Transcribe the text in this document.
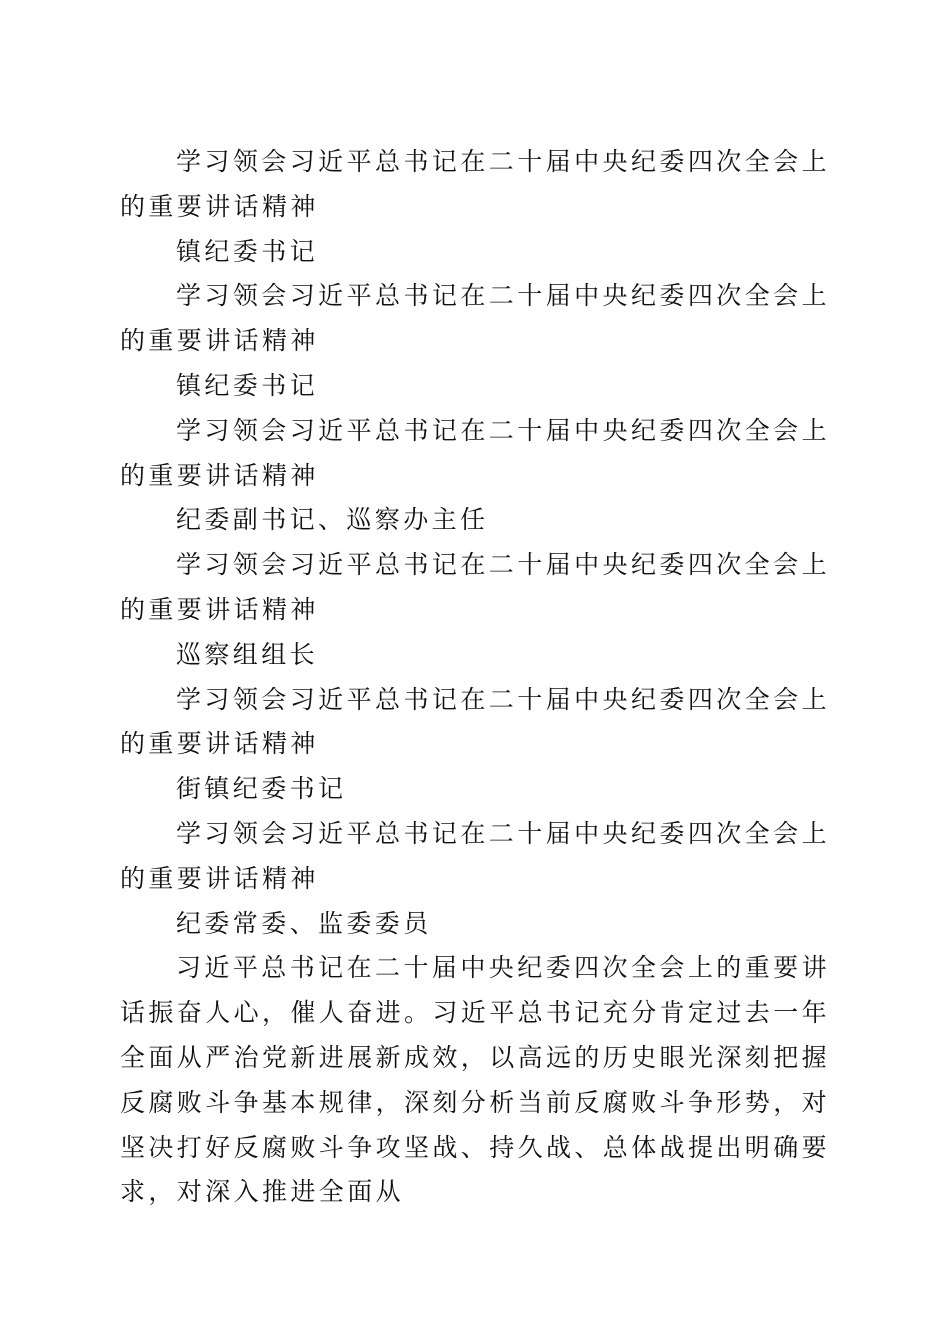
学习领会习近平总书记在二十届中央纪委四次全会上的重要讲话精神

镇纪委书记

学习领会习近平总书记在二十届中央纪委四次全会上的重要讲话精神

镇纪委书记

学习领会习近平总书记在二十届中央纪委四次全会上的重要讲话精神

纪委副书记、巡察办主任

学习领会习近平总书记在二十届中央纪委四次全会上的重要讲话精神

巡察组组长

学习领会习近平总书记在二十届中央纪委四次全会上的重要讲话精神

街镇纪委书记

学习领会习近平总书记在二十届中央纪委四次全会上的重要讲话精神

纪委常委、监委委员

习近平总书记在二十届中央纪委四次全会上的重要讲话振奋人心，催人奋进。习近平总书记充分肯定过去一年全面从严治党新进展新成效，以高远的历史眼光深刻把握反腐败斗争基本规律，深刻分析当前反腐败斗争形势，对坚决打好反腐败斗争攻坚战、持久战、总体战提出明确要求，对深入推进全面从
